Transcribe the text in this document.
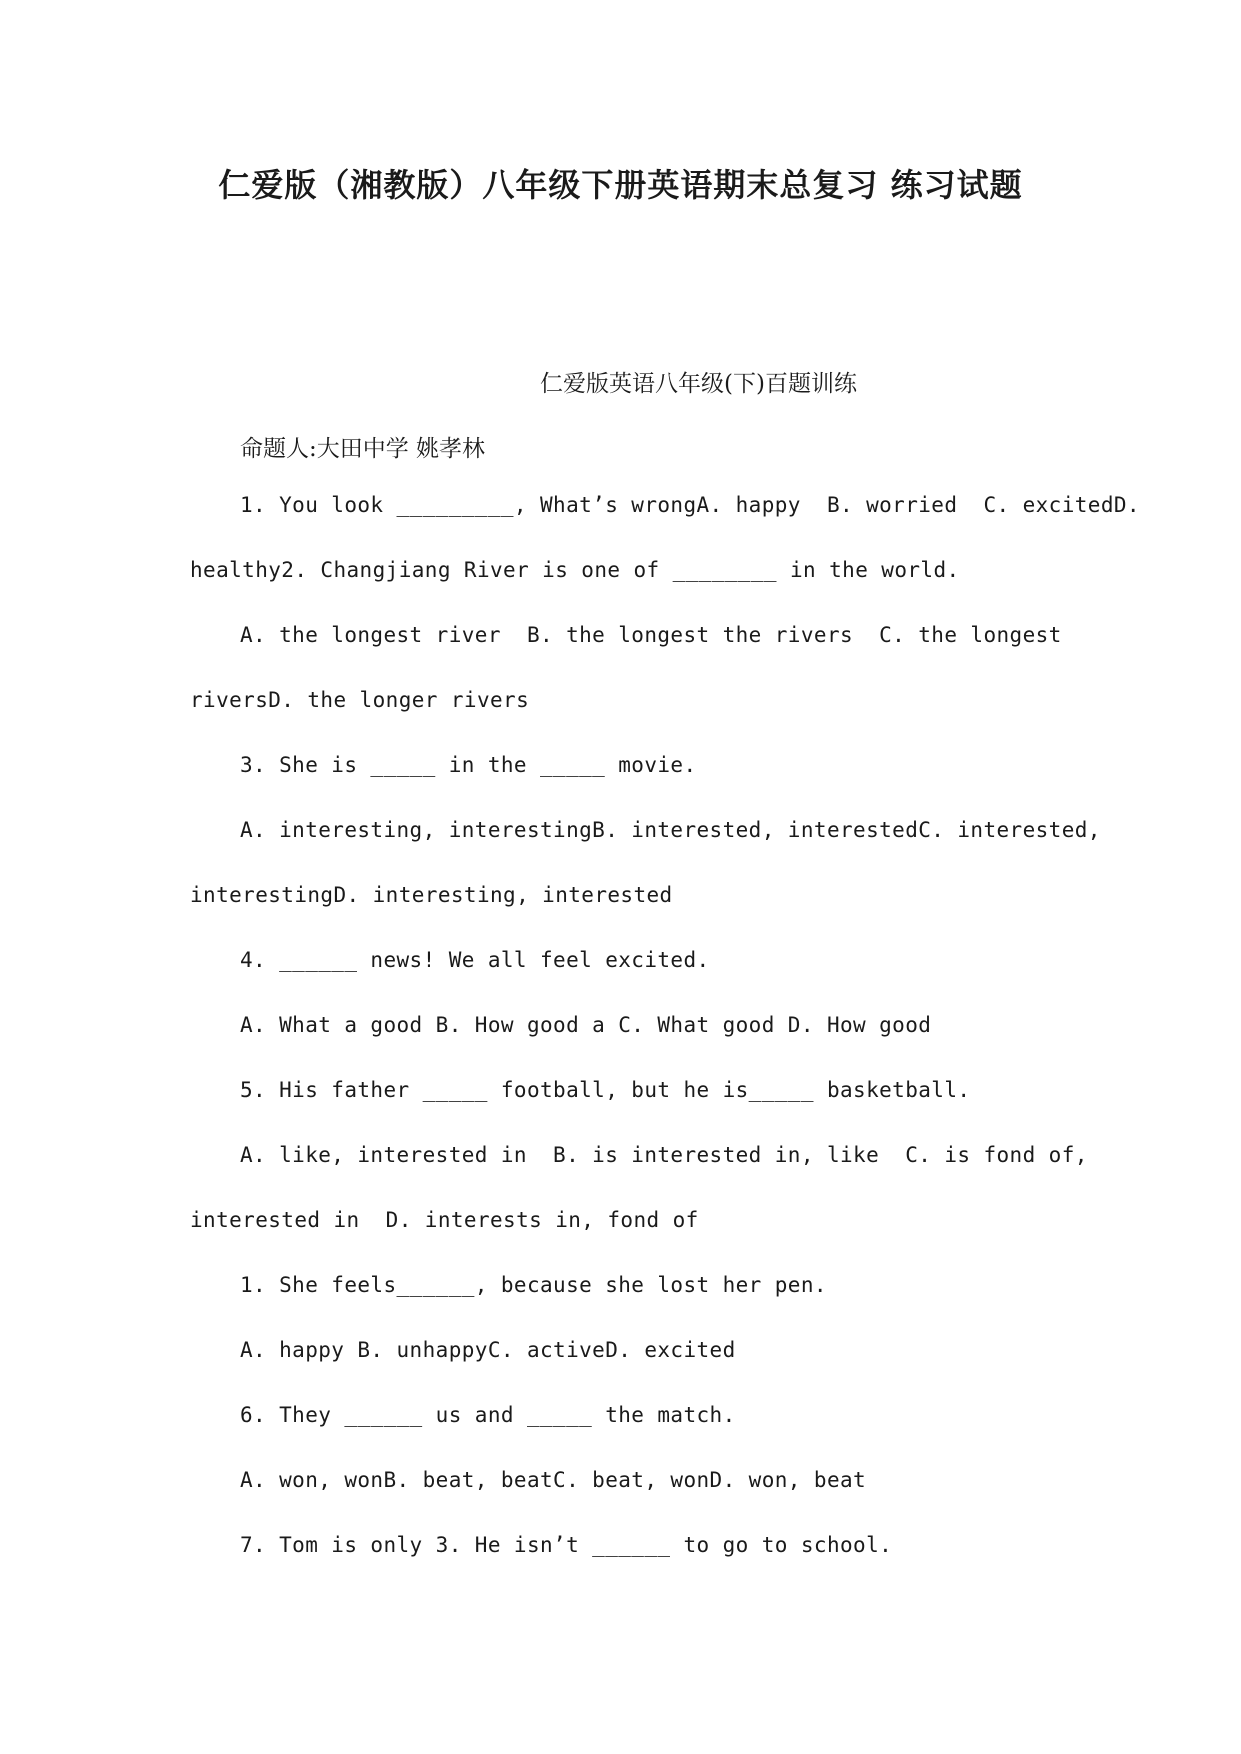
仁爱版（湘教版）八年级下册英语期末总复习 练习试题
仁爱版英语八年级(下)百题训练
命题人:大田中学 姚孝林
1. You look _________, What’s wrongA. happy  B. worried  C. excitedD.
healthy2. Changjiang River is one of ________ in the world.
A. the longest river  B. the longest the rivers  C. the longest
riversD. the longer rivers
3. She is _____ in the _____ movie.
A. interesting, interestingB. interested, interestedC. interested,
interestingD. interesting, interested
4. ______ news! We all feel excited.
A. What a good B. How good a C. What good D. How good
5. His father _____ football, but he is_____ basketball.
A. like, interested in  B. is interested in, like  C. is fond of,
interested in  D. interests in, fond of
1. She feels______, because she lost her pen.
A. happy B. unhappyC. activeD. excited
6. They ______ us and _____ the match.
A. won, wonB. beat, beatC. beat, wonD. won, beat
7. Tom is only 3. He isn’t ______ to go to school.
